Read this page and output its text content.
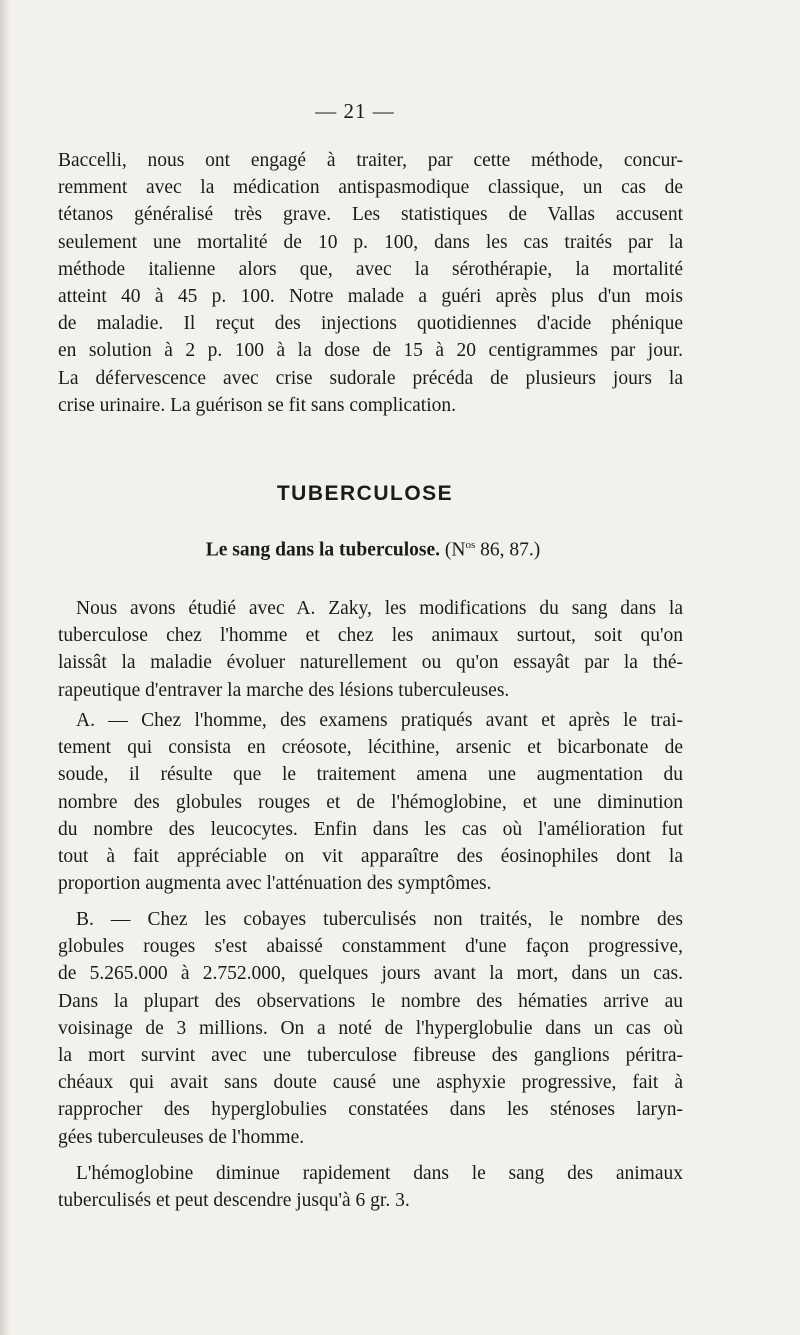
— 21 —
Baccelli, nous ont engagé à traiter, par cette méthode, concur-
remment avec la médication antispasmodique classique, un cas de
tétanos généralisé très grave. Les statistiques de Vallas accusent
seulement une mortalité de 10 p. 100, dans les cas traités par la
méthode italienne alors que, avec la sérothérapie, la mortalité
atteint 40 à 45 p. 100. Notre malade a guéri après plus d'un mois
de maladie. Il reçut des injections quotidiennes d'acide phénique
en solution à 2 p. 100 à la dose de 15 à 20 centigrammes par jour.
La défervescence avec crise sudorale précéda de plusieurs jours la
crise urinaire. La guérison se fit sans complication.
TUBERCULOSE
Le sang dans la tuberculose. ($N^{os}$ 86, 87.)
Nous avons étudié avec A. Zaky, les modifications du sang dans la
tuberculose chez l'homme et chez les animaux surtout, soit qu'on
laissât la maladie évoluer naturellement ou qu'on essayât par la thé-
rapeutique d'entraver la marche des lésions tuberculeuses.
A. — Chez l'homme, des examens pratiqués avant et après le trai-
tement qui consista en créosote, lécithine, arsenic et bicarbonate de
soude, il résulte que le traitement amena une augmentation du
nombre des globules rouges et de l'hémoglobine, et une diminution
du nombre des leucocytes. Enfin dans les cas où l'amélioration fut
tout à fait appréciable on vit apparaître des éosinophiles dont la
proportion augmenta avec l'atténuation des symptômes.
B. — Chez les cobayes tuberculisés non traités, le nombre des
globules rouges s'est abaissé constamment d'une façon progressive,
de 5.265.000 à 2.752.000, quelques jours avant la mort, dans un cas.
Dans la plupart des observations le nombre des hématies arrive au
voisinage de 3 millions. On a noté de l'hyperglobulie dans un cas où
la mort survint avec une tuberculose fibreuse des ganglions péritra-
chéaux qui avait sans doute causé une asphyxie progressive, fait à
rapprocher des hyperglobulies constatées dans les sténoses laryn-
gées tuberculeuses de l'homme.
L'hémoglobine diminue rapidement dans le sang des animaux
tuberculisés et peut descendre jusqu'à 6 gr. 3.
